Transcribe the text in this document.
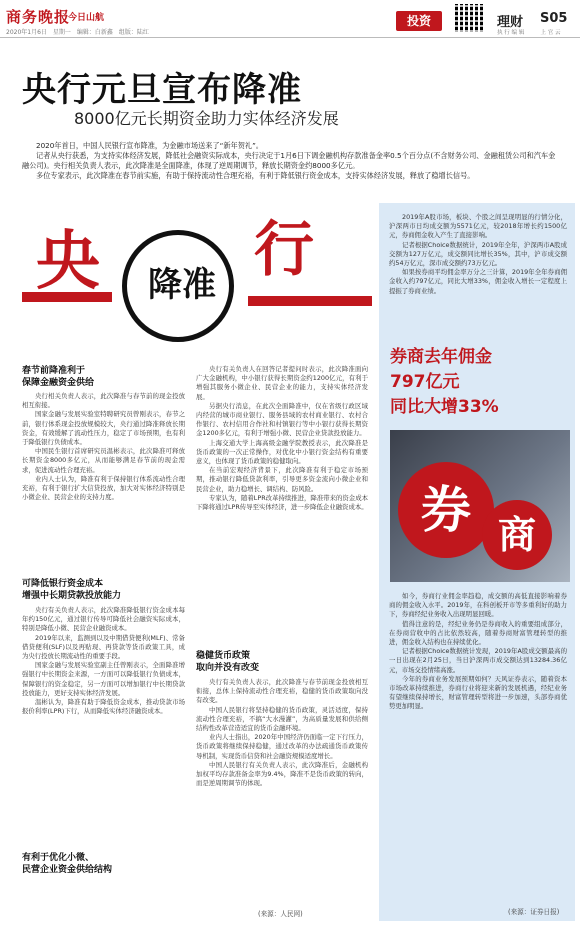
商务晚报
今日山航
2020年1月6日　星期一　编辑：白新鑫　组版：陆红
投资	理财 S05
执 行 编 辑 　 　 上 官 云
央行元旦宣布降准
8000亿元长期资金助力实体经济发展

2020年首日，中国人民银行宣布降准，为金融市场送来了“新年贺礼”。

记者从央行获悉，为支持实体经济发展，降低社会融资实际成本，央行决定于1月6日下调金融机构存款准备金率0.5个百分点(不含财务公司、金融租赁公司和汽车金融公司)。央行相关负责人表示，此次降准是全面降准，体现了逆周期调节，释放长期资金约8000多亿元。

多位专家表示，此次降准在春节前实施，有助于保持流动性合理充裕，有利于降低银行资金成本，支持实体经济发展，释放了稳增长信号。

央 降准 行
春节前降准利于
保障金融资金供给

央行相关负责人表示，此次降准与春节前的现金投放相互衔接。

国家金融与发展实验室特聘研究员曾刚表示，春节之前，银行体系现金投放规模较大，央行通过降准释放长期资金，有效缓解了流动性压力，稳定了市场预期，也有利于降低银行负债成本。

中国民生银行首席研究员温彬表示，此次降准可释放长期资金8000多亿元，从而能够满足春节前的现金需求，促进流动性合理充裕。

业内人士认为，降准有利于保持银行体系流动性合理充裕，有利于银行扩大信贷投放，加大对实体经济特别是小微企业、民营企业的支持力度。

可降低银行资金成本
增强中长期贷款投放能力

央行有关负责人表示，此次降准降低银行资金成本每年约150亿元，通过银行传导可降低社会融资实际成本，特别是降低小微、民营企业融资成本。

2019年以来，监测到以及中期借贷便利(MLF)、常备借贷便利(SLF)以及再贴现、再贷款等货币政策工具，成为央行投放长期流动性的重要手段。

国家金融与发展实验室副主任曾刚表示，全面降准增强银行中长期资金来源，一方面可以降低银行负债成本，保障银行的资金稳定，另一方面可以增加银行中长期贷款投放能力，更好支持实体经济发展。

温彬认为，降准有助于降低资金成本，推动贷款市场报价利率(LPR)下行，从而降低实体经济融资成本。

有利于优化小微、
民营企业资金供给结构

央行有关负责人在回答记者提问时表示，此次降准面向广大金融机构，中小银行获得长期资金约1200亿元，有利于增强其服务小微企业、民营企业的能力，支持实体经济发展。

另据央行消息，在此次全面降准中，仅在省级行政区域内经营的城市商业银行、服务县域的农村商业银行、农村合作银行、农村信用合作社和村镇银行等中小银行获得长期资金1200多亿元，有利于增强小微、民营企业贷款投放能力。

上海交通大学上海高级金融学院教授表示，此次降准是货币政策的一次正常操作，对优化中小银行资金结构有重要意义，也体现了货币政策的稳健取向。

在当前宏观经济背景下，此次降准有利于稳定市场预期，推动银行降低贷款利率，引导更多资金流向小微企业和民营企业，助力稳增长、调结构、防风险。

专家认为，随着LPR改革持续推进，降准带来的资金成本下降将通过LPR传导至实体经济，进一步降低企业融资成本。

稳健货币政策
取向并没有改变

央行有关负责人表示，此次降准与春节前现金投放相互衔接，总体上保持流动性合理充裕，稳健的货币政策取向没有改变。

中国人民银行将坚持稳健的货币政策，灵活适度，保持流动性合理充裕，不搞“大水漫灌”，为高质量发展和供给侧结构性改革营造适宜的货币金融环境。

业内人士指出，2020年中国经济仍面临一定下行压力，货币政策将继续保持稳健，通过改革的办法疏通货币政策传导机制，实现货币信贷和社会融资规模适度增长。

中国人民银行有关负责人表示，此次降准后，金融机构加权平均存款准备金率为9.4%，降准不是货币政策的转向，而是逆周期调节的体现。

(来源：人民网)

2019年A股市场，板块、个股之间呈现明显的行情分化，沪深两市日均成交额为5571亿元，较2018年增长约1500亿元，券商佣金收入产生了直接影响。

记者根据Choice数据统计，2019年全年，沪深两市A股成交额为127万亿元，成交额同比增长35%，其中，沪市成交额约54万亿元，深市成交额约73万亿元。

如果按券商平均佣金率万分之三计算，2019年全年券商佣金收入约797亿元，同比大增33%，佣金收入增长一定程度上提振了券商业绩。

券商去年佣金
797亿元
同比大增33%
券 商

如今，券商行业佣金率趋稳，成交额的高低直接影响着券商的佣金收入水平。2019年，在科创板开市等多重利好的助力下，券商经纪业务收入出现明显回暖。

值得注意的是，经纪业务仍是券商收入的重要组成部分，在券商营收中的占比依然较高，随着券商财富管理转型的推进，佣金收入结构也在持续优化。

记者根据Choice数据统计发现，2019年A股成交额最高的一日出现在2月25日，当日沪深两市成交额达到13284.36亿元，市场交投情绪高涨。

今年的券商业务发展预期如何？天风证券表示，随着资本市场改革持续推进，券商行业将迎来新的发展机遇，经纪业务有望继续保持增长，财富管理转型将进一步加速，头部券商优势更加明显。

(来源：证券日报)
